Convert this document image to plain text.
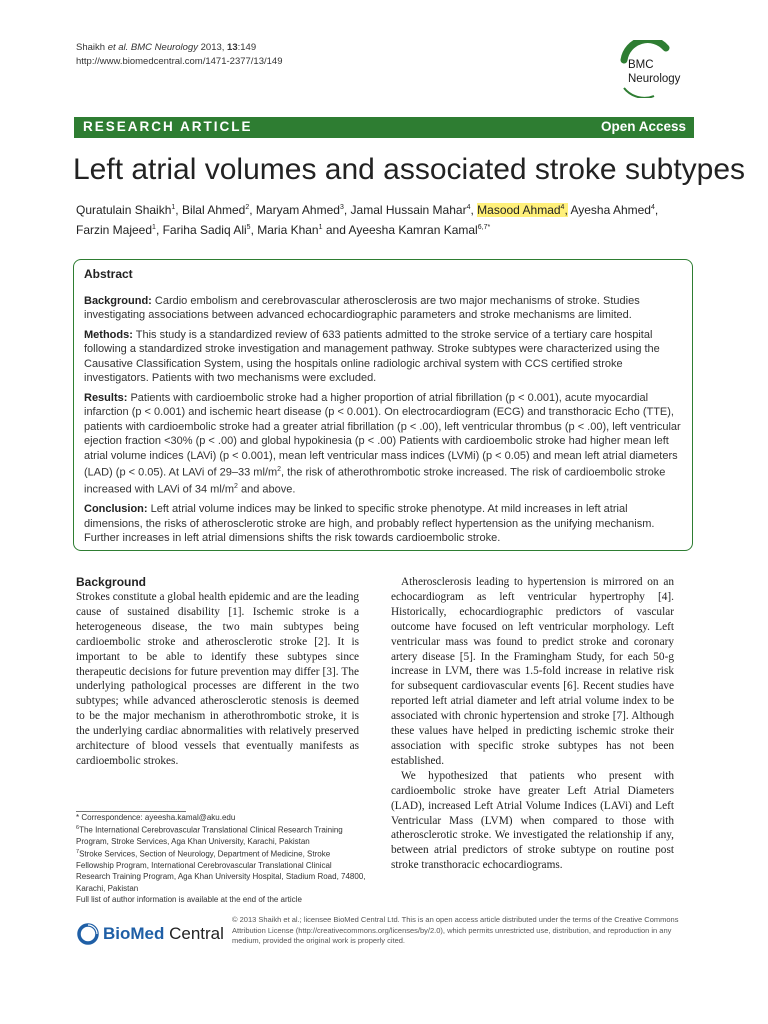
Shaikh et al. BMC Neurology 2013, 13:149
http://www.biomedcentral.com/1471-2377/13/149	BMC
Neurology
RESEARCH ARTICLE	Open Access
Left atrial volumes and associated stroke subtypes
Quratulain Shaikh$^1$, Bilal Ahmed$^2$, Maryam Ahmed$^3$, Jamal Hussain Mahar$^4$, Masood Ahmad$^4$, Ayesha Ahmed$^4$,
Farzin Majeed$^1$, Fariha Sadiq Ali$^5$, Maria Khan$^1$ and Ayeesha Kamran Kamal$^{6,7*}$
Abstract

Background: Cardio embolism and cerebrovascular atherosclerosis are two major mechanisms of stroke. Studies investigating associations between advanced echocardiographic parameters and stroke mechanisms are limited.

Methods: This study is a standardized review of 633 patients admitted to the stroke service of a tertiary care hospital following a standardized stroke investigation and management pathway. Stroke subtypes were characterized using the Causative Classification System, using the hospitals online radiologic archival system with CCS certified stroke investigators. Patients with two mechanisms were excluded.

Results: Patients with cardioembolic stroke had a higher proportion of atrial fibrillation (p < 0.001), acute myocardial infarction (p < 0.001) and ischemic heart disease (p < 0.001). On electrocardiogram (ECG) and transthoracic Echo (TTE), patients with cardioembolic stroke had a greater atrial fibrillation (p < .00), left ventricular thrombus (p < .00), left ventricular ejection fraction <30% (p < .00) and global hypokinesia (p < .00) Patients with cardioembolic stroke had higher mean left atrial volume indices (LAVi) (p < 0.001), mean left ventricular mass indices (LVMi) (p < 0.05) and mean left atrial diameters (LAD) (p < 0.05). At LAVi of 29–33 $ml/m^2$, the risk of atherothrombotic stroke increased. The risk of cardioembolic stroke increased with LAVi of 34 $ml/m^2$ and above.

Conclusion: Left atrial volume indices may be linked to specific stroke phenotype. At mild increases in left atrial dimensions, the risks of atherosclerotic stroke are high, and probably reflect hypertension as the unifying mechanism. Further increases in left atrial dimensions shifts the risk towards cardioembolic stroke.

Background

Strokes constitute a global health epidemic and are the leading cause of sustained disability [1]. Ischemic stroke is a heterogeneous disease, the two main subtypes being cardioembolic stroke and atherosclerotic stroke [2]. It is important to be able to identify these subtypes since therapeutic decisions for future prevention may differ [3]. The underlying pathological processes are different in the two subtypes; while advanced atherosclerotic stenosis is deemed to be the major mechanism in atherothrombotic stroke, it is the underlying cardiac abnormalities with relatively preserved architecture of blood vessels that eventually manifests as cardioembolic strokes.

Atherosclerosis leading to hypertension is mirrored on an echocardiogram as left ventricular hypertrophy [4]. Historically, echocardiographic predictors of vascular outcome have focused on left ventricular morphology. Left ventricular mass was found to predict stroke and coronary artery disease [5]. In the Framingham Study, for each 50-g increase in LVM, there was 1.5-fold increase in relative risk for subsequent cardiovascular events [6]. Recent studies have reported left atrial diameter and left atrial volume index to be associated with chronic hypertension and stroke [7]. Although these values have helped in predicting ischemic stroke their association with specific stroke subtypes has not been established.

We hypothesized that patients who present with cardioembolic stroke have greater Left Atrial Diameters (LAD), increased Left Atrial Volume Indices (LAVi) and Left Ventricular Mass (LVM) when compared to those with atherosclerotic stroke. We investigated the relationship if any, between atrial predictors of stroke subtype on routine post stroke transthoracic echocardiograms.

* Correspondence: ayeesha.kamal@aku.edu
$^6$The International Cerebrovascular Translational Clinical Research Training Program, Stroke Services, Aga Khan University, Karachi, Pakistan
$^7$Stroke Services, Section of Neurology, Department of Medicine, Stroke Fellowship Program, International Cerebrovascular Translational Clinical Research Training Program, Aga Khan University Hospital, Stadium Road, 74800, Karachi, Pakistan
Full list of author information is available at the end of the article
BioMed Central
© 2013 Shaikh et al.; licensee BioMed Central Ltd. This is an open access article distributed under the terms of the Creative Commons Attribution License (http://creativecommons.org/licenses/by/2.0), which permits unrestricted use, distribution, and reproduction in any medium, provided the original work is properly cited.
